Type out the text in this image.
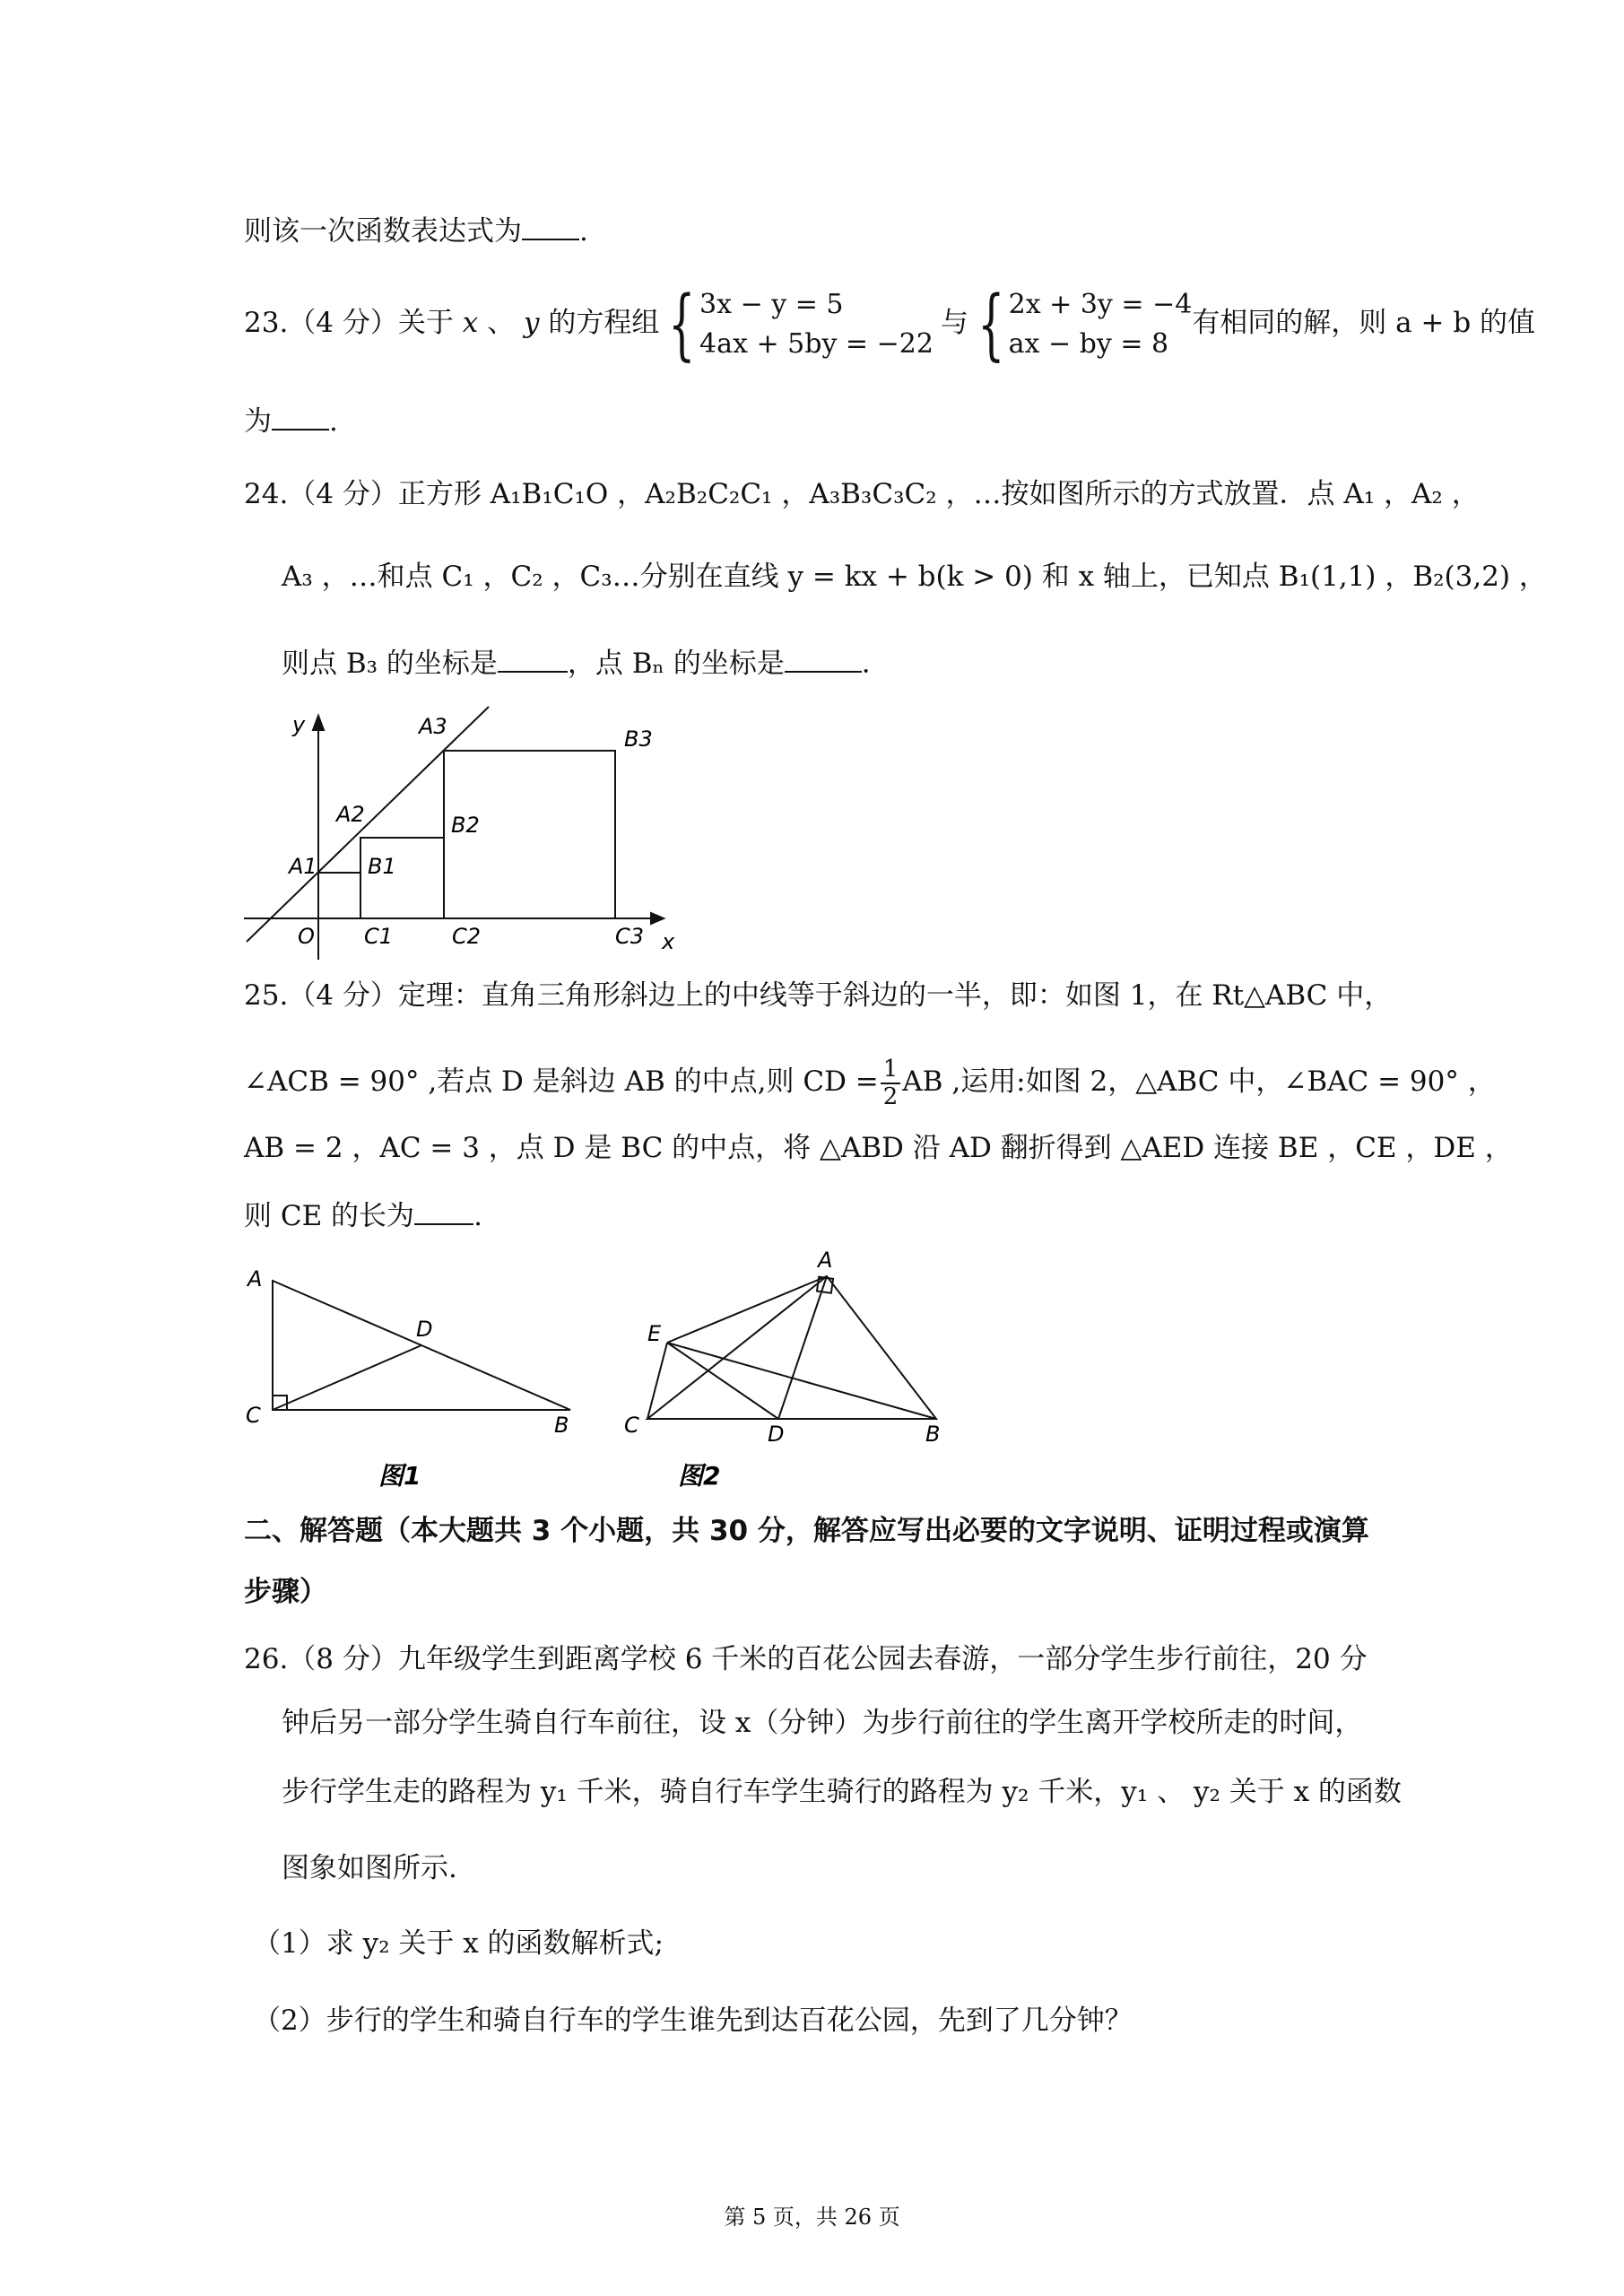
则该一次函数表达式为 .
23.（4 分）关于 x 、 y 的方程组 { 3x − y = 5
4ax + 5by = −22
与 { 2x + 3y = −4
ax − by = 8
有相同的解，则 a + b 的值
为 .
24.（4 分）正方形 A₁B₁C₁O ，A₂B₂C₂C₁ ，A₃B₃C₃C₂ ，…按如图所示的方式放置．点 A₁ ，A₂ ，
A₃ ，…和点 C₁ ，C₂ ，C₃…分别在直线 y = kx + b(k > 0) 和 x 轴上，已知点 B₁(1,1) ，B₂(3,2) ，
则点 B₃ 的坐标是	，点 Bₙ 的坐标是	．
y
x
O
A1
A2
A3
B1
B2
B3
C1	C2	C3
25.（4 分）定理：直角三角形斜边上的中线等于斜边的一半，即：如图 1，在 Rt△ABC 中，
∠ACB = 90° ,若点 D 是斜边 AB 的中点,则 CD = $\frac{1}{2}$ AB ,运用:如图 2，△ABC 中，∠BAC = 90° ，
AB = 2 ，AC = 3 ，点 D 是 BC 的中点，将 △ABD 沿 AD 翻折得到 △AED 连接 BE ，CE ，DE ，
则 CE 的长为 .
A
D
C	B
图1
A
E
C	D	B
图2
二、解答题（本大题共 3 个小题，共 30 分，解答应写出必要的文字说明、证明过程或演算
步骤）
26.（8 分）九年级学生到距离学校 6 千米的百花公园去春游，一部分学生步行前往，20 分
钟后另一部分学生骑自行车前往，设 x（分钟）为步行前往的学生离开学校所走的时间，
步行学生走的路程为 y₁ 千米，骑自行车学生骑行的路程为 y₂ 千米，y₁ 、 y₂ 关于 x 的函数
图象如图所示.
（1）求 y₂ 关于 x 的函数解析式;
（2）步行的学生和骑自行车的学生谁先到达百花公园，先到了几分钟？
第 5 页，共 26 页
